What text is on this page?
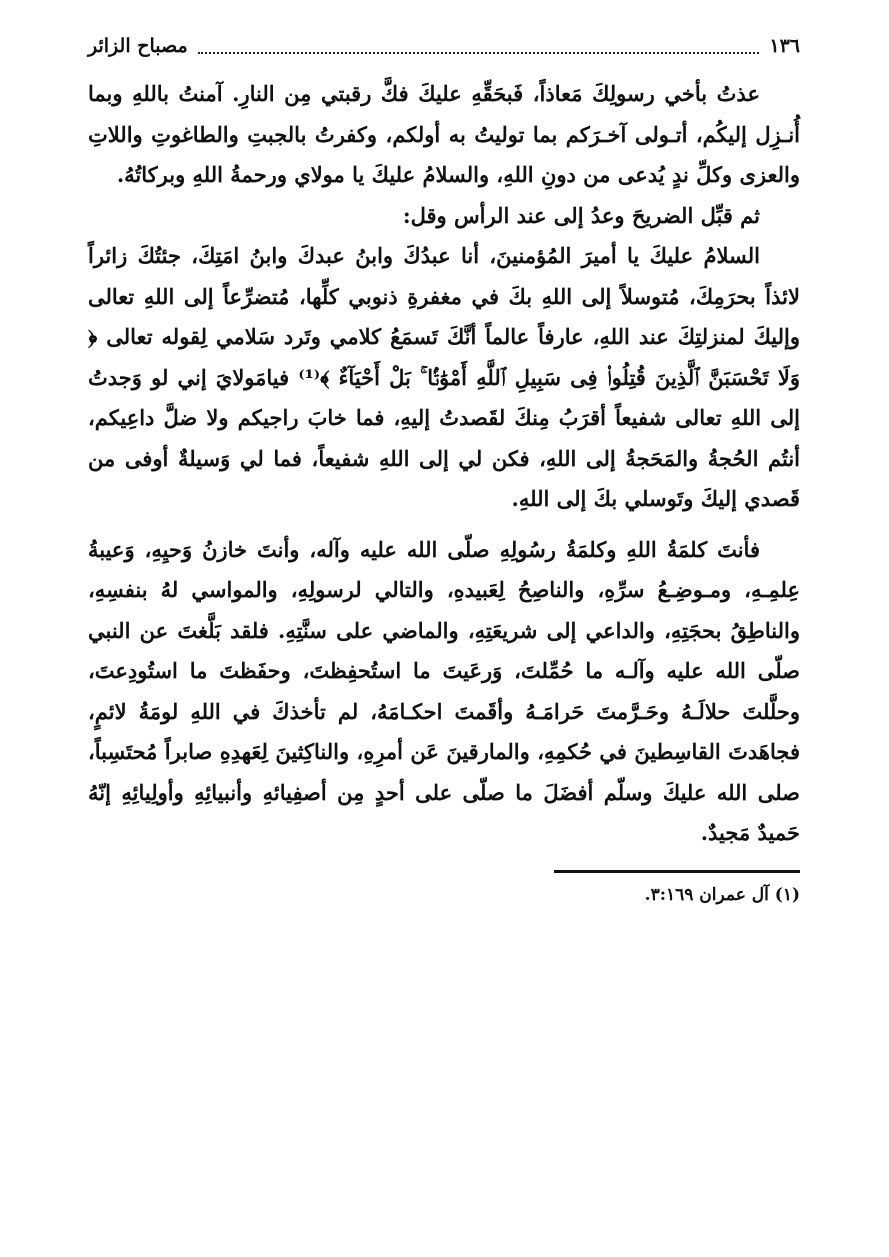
١٣٦
مصباح الزائر

عذتُ بأخي رسولِكَ مَعاذاً، فَبحَقِّهِ عليكَ فكَّ رقبتي مِن النارِ. آمنتُ باللهِ وبما أُنـزِل إليكُم، أتـولى آخـرَكم بما توليتُ به أولكم، وكفرتُ بالجبتِ والطاغوتِ واللاتِ والعزى وكلِّ ندٍ يُدعى من دونِ اللهِ، والسلامُ عليكَ يا مولاي ورحمةُ اللهِ وبركاتُهُ.

ثم قبِّل الضريحَ وعدُ إلى عند الرأس وقل:

السلامُ عليكَ يا أميرَ المُؤمنينَ، أنا عبدُكَ وابنُ عبدكَ وابنُ امَتِكَ، جئتُكَ زائراً لائذاً بحرَمِكَ، مُتوسلاً إلى اللهِ بكَ في مغفرةِ ذنوبي كلِّها، مُتضرِّعاً إلى اللهِ تعالى وإليكَ لمنزلتِكَ عند اللهِ، عارفاً عالماً أنَّكَ تَسمَعُ كلامي وتَرد سَلامي لِقوله تعالى ﴿ وَلَا تَحْسَبَنَّ ٱلَّذِينَ قُتِلُوا۟ فِى سَبِيلِ ٱللَّهِ أَمْوَٰتًۢا ۚ بَلْ أَحْيَآءٌ ﴾⁽¹⁾ فيامَولايَ إني لو وَجدتُ إلى اللهِ تعالى شفيعاً أقرَبُ مِنكَ لقَصدتُ إليهِ، فما خابَ راجيكم ولا ضلَّ داعِيكم، أنتُم الحُجةُ والمَحَجةُ إلى اللهِ، فكن لي إلى اللهِ شفيعاً، فما لي وَسيلةٌ أوفى من قَصدي إليكَ وتَوسلي بكَ إلى اللهِ.

فأنتَ كلمَةُ اللهِ وكلمَةُ رسُولِهِ صلّى الله عليه وآله، وأنتَ خازنُ وَحيِهِ، وَعيبةُ عِلمِـهِ، ومـوضِـعُ سرِّهِ، والناصِحُ لِعَبيدهِ، والتالي لرسولِهِ، والمواسي لهُ بنفسِهِ، والناطِقُ بحجَتِهِ، والداعي إلى شريعَتِهِ، والماضي على سنَّتِهِ. فلقد بَلَّغتَ عن النبي صلّى الله عليه وآلـه ما حُمِّلتَ، وَرعَيتَ ما استُحفِظتَ، وحفَظتَ ما استُودِعتَ، وحلَّلتَ حلالَـهُ وحَـرَّمتَ حَرامَـهُ وأقَمتَ احكـامَهُ، لم تأخذكَ في اللهِ لومَةُ لائمٍ، فجاهَدتَ القاسِطينَ في حُكمِهِ، والمارقينَ عَن أمرِهِ، والناكِثينَ لِعَهدِهِ صابراً مُحتَسِباً، صلى الله عليكَ وسلّم أفضَلَ ما صلّى على أحدٍ مِن أصفِيائهِ وأنبيائِهِ وأولِيائِهِ إنّهُ حَميدٌ مَجيدٌ.

(١) آل عمران ٣:١٦٩.
